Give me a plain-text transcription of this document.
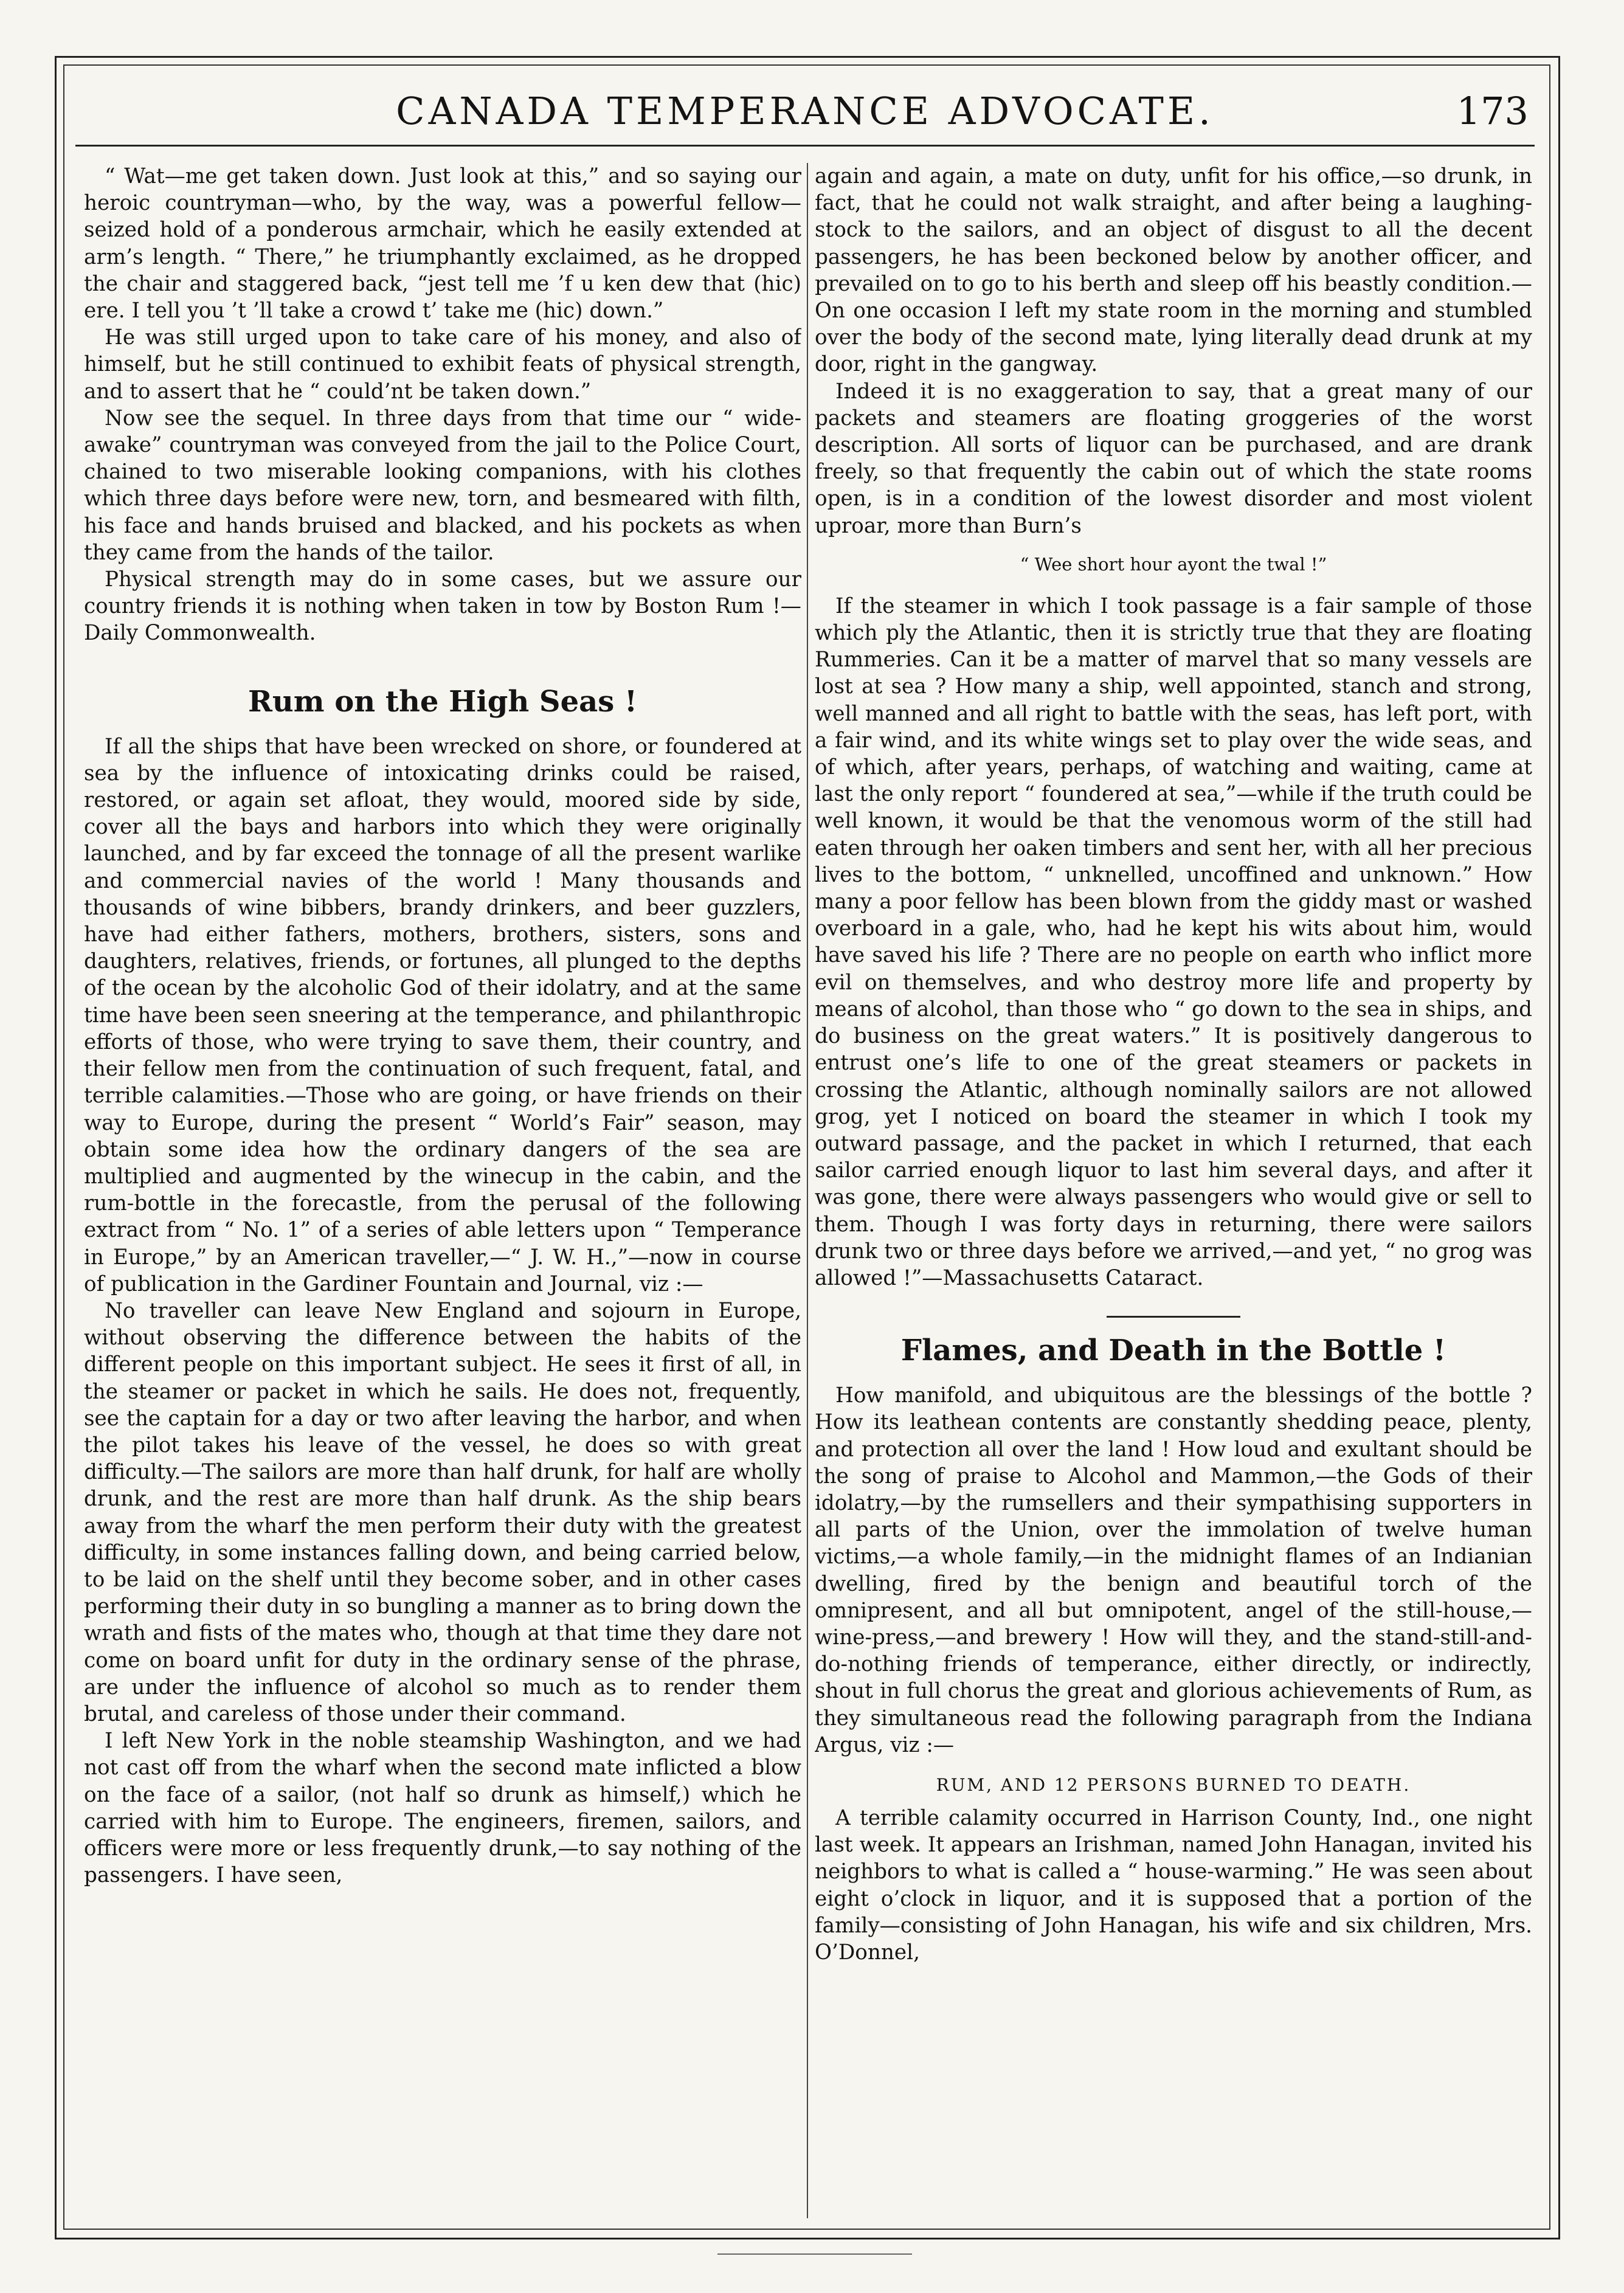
CANADA TEMPERANCE ADVOCATE.	173

“ Wat—me get taken down. Just look at this,” and so saying our heroic countryman—who, by the way, was a powerful fellow—seized hold of a ponderous armchair, which he easily extended at arm’s length. “ There,” he triumphantly exclaimed, as he dropped the chair and staggered back, “jest tell me ’f u ken dew that (hic) ere. I tell you ’t ’ll take a crowd t’ take me (hic) down.”

He was still urged upon to take care of his money, and also of himself, but he still continued to exhibit feats of physical strength, and to assert that he “ could’nt be taken down.”

Now see the sequel. In three days from that time our “ wide-awake” countryman was conveyed from the jail to the Police Court, chained to two miserable looking companions, with his clothes which three days before were new, torn, and besmeared with filth, his face and hands bruised and blacked, and his pockets as when they came from the hands of the tailor.

Physical strength may do in some cases, but we assure our country friends it is nothing when taken in tow by Boston Rum !—Daily Commonwealth.

Rum on the High Seas !

If all the ships that have been wrecked on shore, or foundered at sea by the influence of intoxicating drinks could be raised, restored, or again set afloat, they would, moored side by side, cover all the bays and harbors into which they were originally launched, and by far exceed the tonnage of all the present warlike and commercial navies of the world ! Many thousands and thousands of wine bibbers, brandy drinkers, and beer guzzlers, have had either fathers, mothers, brothers, sisters, sons and daughters, relatives, friends, or fortunes, all plunged to the depths of the ocean by the alcoholic God of their idolatry, and at the same time have been seen sneering at the temperance, and philanthropic efforts of those, who were trying to save them, their country, and their fellow men from the continuation of such frequent, fatal, and terrible calamities.—Those who are going, or have friends on their way to Europe, during the present “ World’s Fair” season, may obtain some idea how the ordinary dangers of the sea are multiplied and augmented by the winecup in the cabin, and the rum-bottle in the forecastle, from the perusal of the following extract from “ No. 1” of a series of able letters upon “ Temperance in Europe,” by an American traveller,—“ J. W. H.,”—now in course of publication in the Gardiner Fountain and Journal, viz :—

No traveller can leave New England and sojourn in Europe, without observing the difference between the habits of the different people on this important subject. He sees it first of all, in the steamer or packet in which he sails. He does not, frequently, see the captain for a day or two after leaving the harbor, and when the pilot takes his leave of the vessel, he does so with great difficulty.—The sailors are more than half drunk, for half are wholly drunk, and the rest are more than half drunk. As the ship bears away from the wharf the men perform their duty with the greatest difficulty, in some instances falling down, and being carried below, to be laid on the shelf until they become sober, and in other cases performing their duty in so bungling a manner as to bring down the wrath and fists of the mates who, though at that time they dare not come on board unfit for duty in the ordinary sense of the phrase, are under the influence of alcohol so much as to render them brutal, and careless of those under their command.

I left New York in the noble steamship Washington, and we had not cast off from the wharf when the second mate inflicted a blow on the face of a sailor, (not half so drunk as himself,) which he carried with him to Europe. The engineers, firemen, sailors, and officers were more or less frequently drunk,—to say nothing of the passengers. I have seen,

again and again, a mate on duty, unfit for his office,—so drunk, in fact, that he could not walk straight, and after being a laughing-stock to the sailors, and an object of disgust to all the decent passengers, he has been beckoned below by another officer, and prevailed on to go to his berth and sleep off his beastly condition.—On one occasion I left my state room in the morning and stumbled over the body of the second mate, lying literally dead drunk at my door, right in the gangway.

Indeed it is no exaggeration to say, that a great many of our packets and steamers are floating groggeries of the worst description. All sorts of liquor can be purchased, and are drank freely, so that frequently the cabin out of which the state rooms open, is in a condition of the lowest disorder and most violent uproar, more than Burn’s

“ Wee short hour ayont the twal !”

If the steamer in which I took passage is a fair sample of those which ply the Atlantic, then it is strictly true that they are floating Rummeries. Can it be a matter of marvel that so many vessels are lost at sea ? How many a ship, well appointed, stanch and strong, well manned and all right to battle with the seas, has left port, with a fair wind, and its white wings set to play over the wide seas, and of which, after years, perhaps, of watching and waiting, came at last the only report “ foundered at sea,”—while if the truth could be well known, it would be that the venomous worm of the still had eaten through her oaken timbers and sent her, with all her precious lives to the bottom, “ unknelled, uncoffined and unknown.” How many a poor fellow has been blown from the giddy mast or washed overboard in a gale, who, had he kept his wits about him, would have saved his life ? There are no people on earth who inflict more evil on themselves, and who destroy more life and property by means of alcohol, than those who “ go down to the sea in ships, and do business on the great waters.” It is positively dangerous to entrust one’s life to one of the great steamers or packets in crossing the Atlantic, although nominally sailors are not allowed grog, yet I noticed on board the steamer in which I took my outward passage, and the packet in which I returned, that each sailor carried enough liquor to last him several days, and after it was gone, there were always passengers who would give or sell to them. Though I was forty days in returning, there were sailors drunk two or three days before we arrived,—and yet, “ no grog was allowed !”—Massachusetts Cataract.

Flames, and Death in the Bottle !

How manifold, and ubiquitous are the blessings of the bottle ? How its leathean contents are constantly shedding peace, plenty, and protection all over the land ! How loud and exultant should be the song of praise to Alcohol and Mammon,—the Gods of their idolatry,—by the rumsellers and their sympathising supporters in all parts of the Union, over the immolation of twelve human victims,—a whole family,—in the midnight flames of an Indianian dwelling, fired by the benign and beautiful torch of the omnipresent, and all but omnipotent, angel of the still-house,—wine-press,—and brewery ! How will they, and the stand-still-and-do-nothing friends of temperance, either directly, or indirectly, shout in full chorus the great and glorious achievements of Rum, as they simultaneous read the following paragraph from the Indiana Argus, viz :—

RUM, AND 12 PERSONS BURNED TO DEATH.

A terrible calamity occurred in Harrison County, Ind., one night last week. It appears an Irishman, named John Hanagan, invited his neighbors to what is called a “ house-warming.” He was seen about eight o’clock in liquor, and it is supposed that a portion of the family—consisting of John Hanagan, his wife and six children, Mrs. O’Donnel,
